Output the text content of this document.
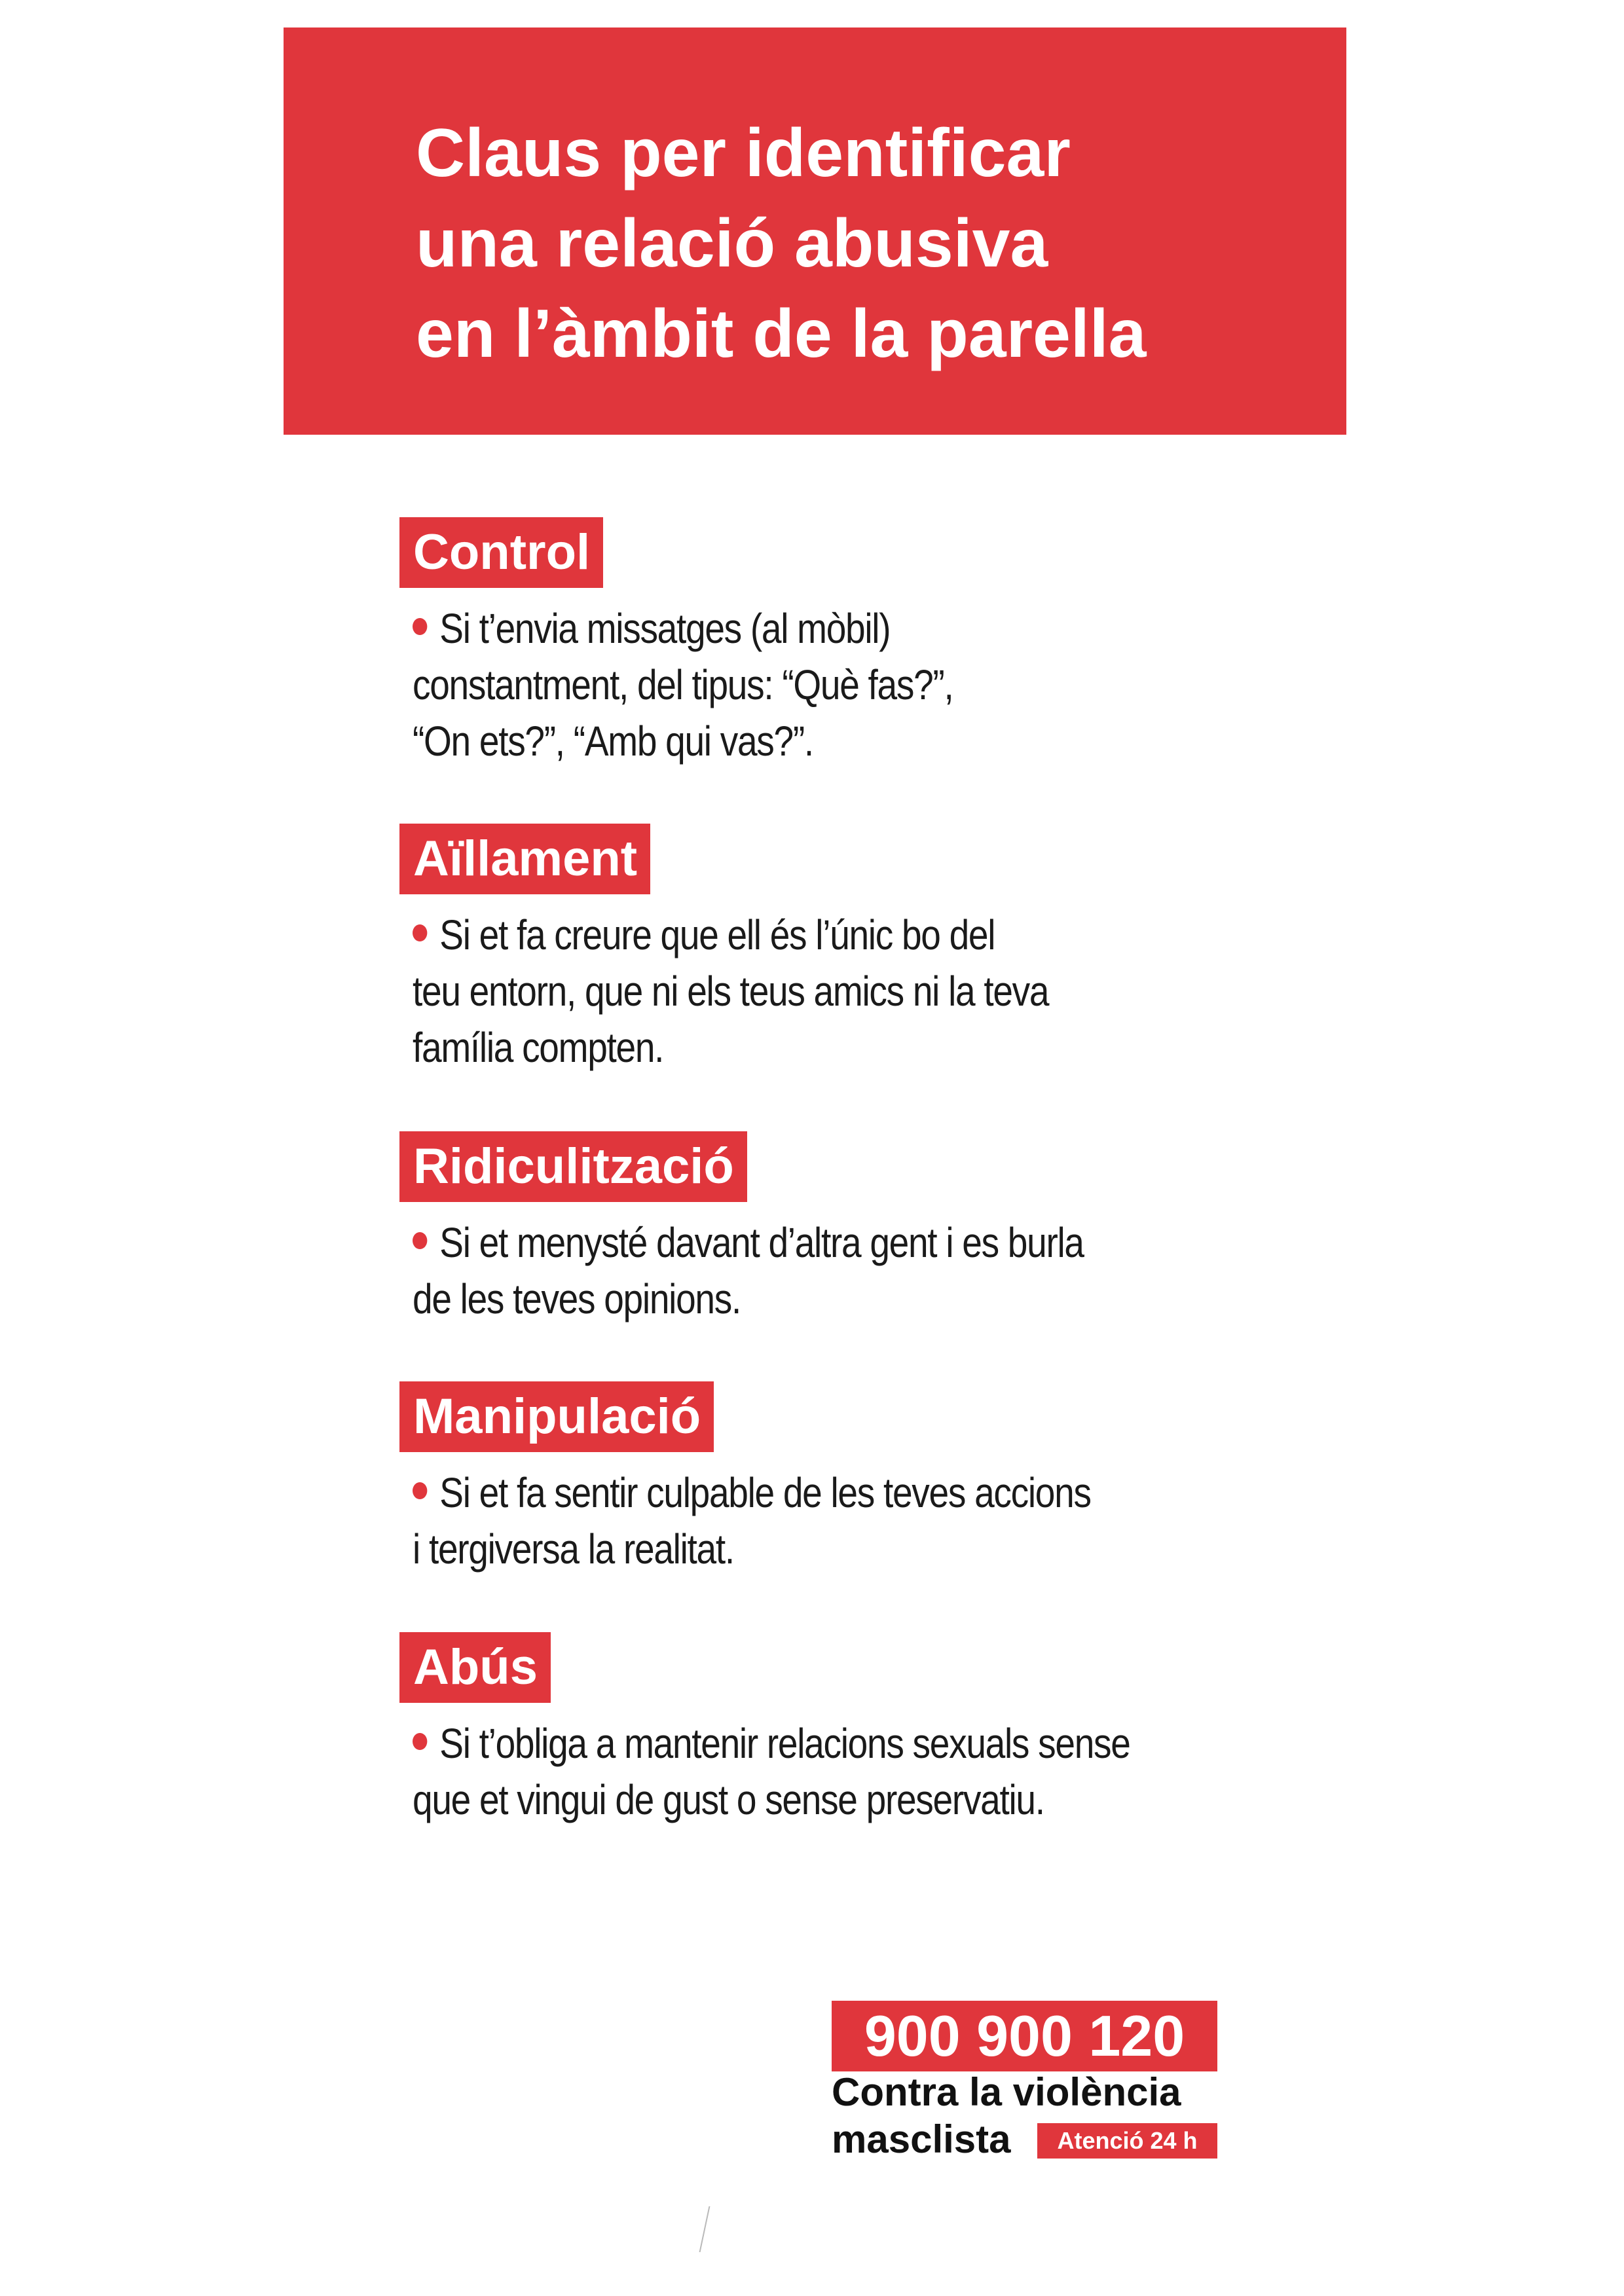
Claus per identificar
una relació abusiva
en l’àmbit de la parella
Control
Si t’envia missatges (al mòbil)
constantment, del tipus: “Què fas?”,
“On ets?”, “Amb qui vas?”.
Aïllament
Si et fa creure que ell és l’únic bo del
teu entorn, que ni els teus amics ni la teva
família compten.
Ridiculització
Si et menysté davant d’altra gent i es burla
de les teves opinions.
Manipulació
Si et fa sentir culpable de les teves accions
i tergiversa la realitat.
Abús
Si t’obliga a mantenir relacions sexuals sense
que et vingui de gust o sense preservatiu.
900 900 120
Contra la violència
masclista	Atenció 24 h
